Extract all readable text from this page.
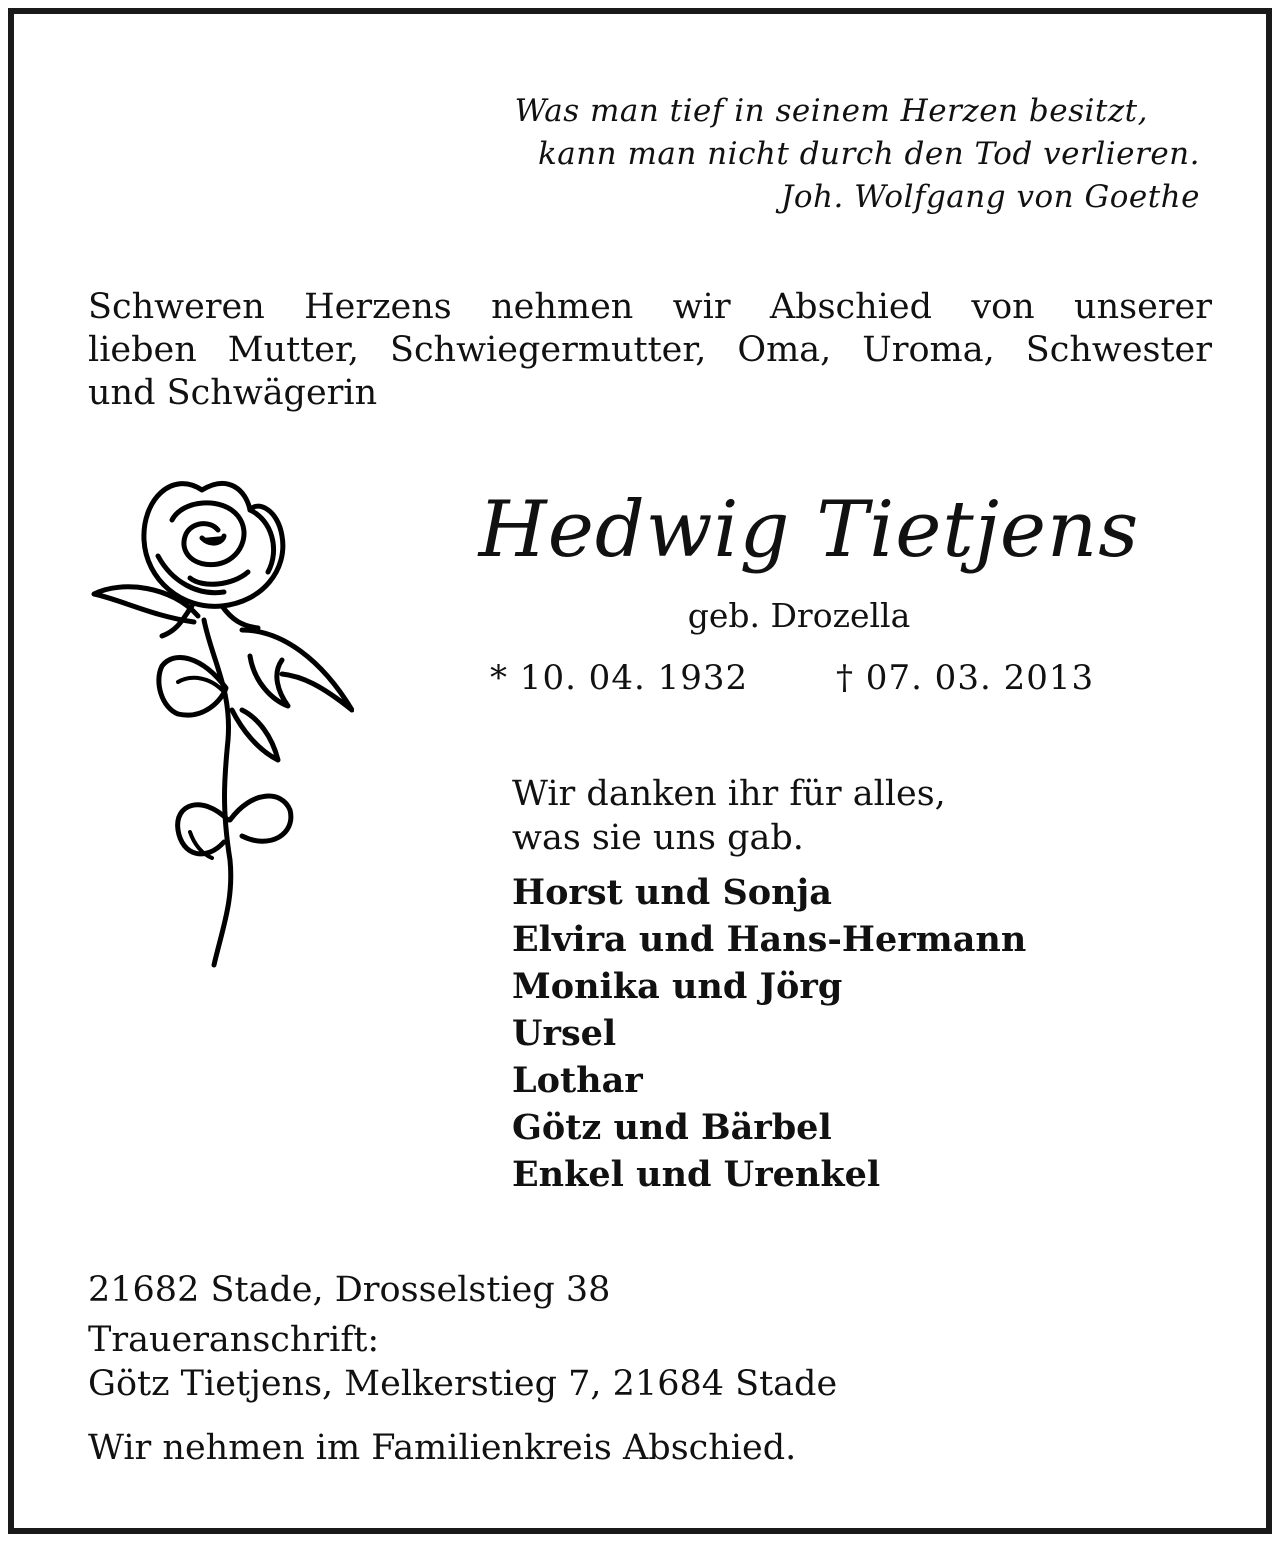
Was man tief in seinem Herzen besitzt,
kann man nicht durch den Tod verlieren.
Joh. Wolfgang von Goethe
Schweren Herzens nehmen wir Abschied von unserer
lieben Mutter, Schwiegermutter, Oma, Uroma, Schwester
und Schwägerin
Hedwig Tietjens
geb. Drozella
* 10. 04. 1932	† 07. 03. 2013
Wir danken ihr für alles,
was sie uns gab.
Horst und Sonja
Elvira und Hans-Hermann
Monika und Jörg
Ursel
Lothar
Götz und Bärbel
Enkel und Urenkel
21682 Stade, Drosselstieg 38
Traueranschrift:
Götz Tietjens, Melkerstieg 7, 21684 Stade
Wir nehmen im Familienkreis Abschied.
